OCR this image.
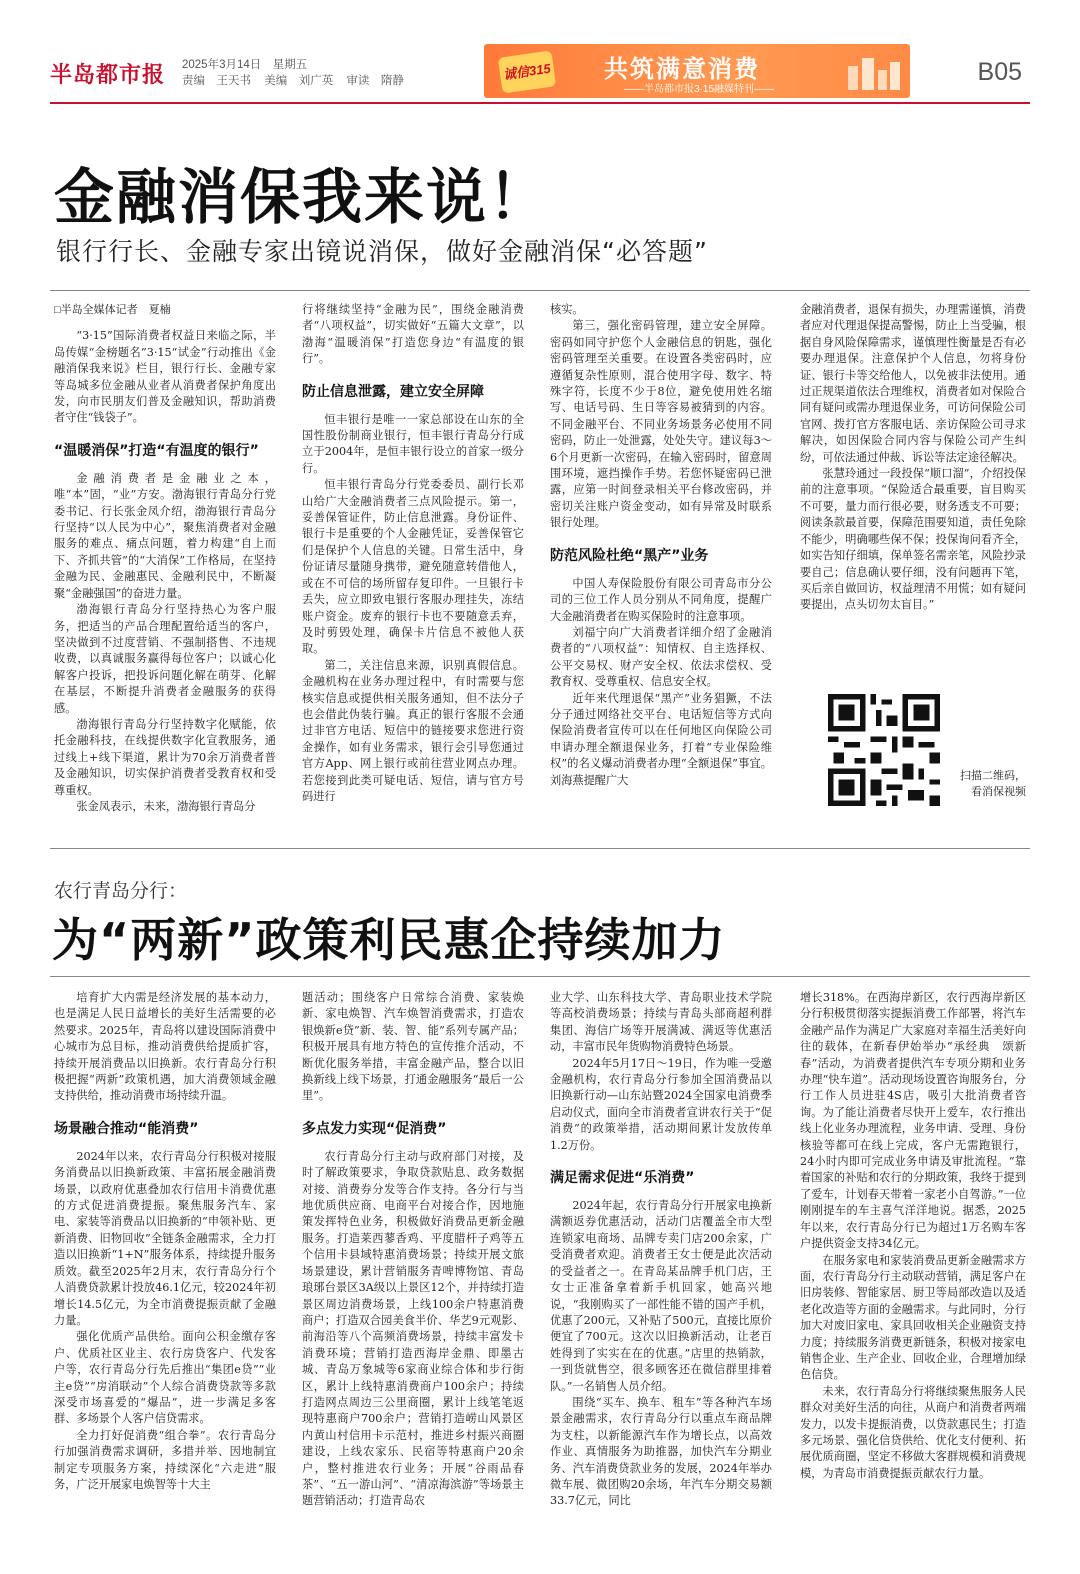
半岛都市报 2025年3月14日　星期五
责编　王天书 美编　刘广英 审读　隋静	诚信315 共筑满意消费
——半岛都市报3·15融媒特刊——
B05
金融消保我来说！
银行行长、金融专家出镜说消保，做好金融消保“必答题”

□半岛全媒体记者　夏楠

“3·15”国际消费者权益日来临之际，半岛传媒“金榜题名”3·15“试金”行动推出《金融消保我来说》栏目，银行行长、金融专家等岛城多位金融从业者从消费者保护角度出发，向市民朋友们普及金融知识，帮助消费者守住“钱袋子”。

“温暖消保”打造“有温度的银行”

金融消费者是金融业之本，唯“本”固，“业”方安。渤海银行青岛分行党委书记、行长张金凤介绍，渤海银行青岛分行坚持“以人民为中心”，聚焦消费者对金融服务的难点、痛点问题，着力构建“自上而下、齐抓共管”的“大消保”工作格局，在坚持金融为民、金融惠民、金融利民中，不断凝聚“金融强国”的奋进力量。

渤海银行青岛分行坚持热心为客户服务，把适当的产品合理配置给适当的客户，坚决做到不过度营销、不强制搭售、不违规收费，以真诚服务赢得每位客户；以诚心化解客户投诉，把投诉问题化解在萌芽、化解在基层，不断提升消费者金融服务的获得感。

渤海银行青岛分行坚持数字化赋能，依托金融科技，在线提供数字化宣教服务，通过线上+线下渠道，累计为70余万消费者普及金融知识，切实保护消费者受教育权和受尊重权。

张金凤表示，未来，渤海银行青岛分

行将继续坚持“金融为民”，围绕金融消费者“八项权益”，切实做好“五篇大文章”，以渤海“温暖消保”打造您身边“有温度的银行”。

防止信息泄露，建立安全屏障

恒丰银行是唯一一家总部设在山东的全国性股份制商业银行，恒丰银行青岛分行成立于2004年，是恒丰银行设立的首家一级分行。

恒丰银行青岛分行党委委员、副行长邓山给广大金融消费者三点风险提示。第一，妥善保管证件，防止信息泄露。身份证件、银行卡是重要的个人金融凭证，妥善保管它们是保护个人信息的关键。日常生活中，身份证请尽量随身携带，避免随意转借他人，或在不可信的场所留存复印件。一旦银行卡丢失，应立即致电银行客服办理挂失，冻结账户资金。废弃的银行卡也不要随意丢弃，及时剪毁处理，确保卡片信息不被他人获取。

第二，关注信息来源，识别真假信息。金融机构在业务办理过程中，有时需要与您核实信息或提供相关服务通知，但不法分子也会借此伪装行骗。真正的银行客服不会通过非官方电话、短信中的链接要求您进行资金操作，如有业务需求，银行会引导您通过官方App、网上银行或前往营业网点办理。若您接到此类可疑电话、短信，请与官方号码进行

核实。

第三，强化密码管理，建立安全屏障。密码如同守护您个人金融信息的钥匙，强化密码管理至关重要。在设置各类密码时，应遵循复杂性原则，混合使用字母、数字、特殊字符，长度不少于8位，避免使用姓名缩写、电话号码、生日等容易被猜到的内容。不同金融平台、不同业务场景务必使用不同密码，防止一处泄露，处处失守。建议每3～6个月更新一次密码，在输入密码时，留意周围环境，遮挡操作手势。若您怀疑密码已泄露，应第一时间登录相关平台修改密码，并密切关注账户资金变动，如有异常及时联系银行处理。

防范风险杜绝“黑产”业务

中国人寿保险股份有限公司青岛市分公司的三位工作人员分别从不同角度，提醒广大金融消费者在购买保险时的注意事项。

刘福宁向广大消费者详细介绍了金融消费者的“八项权益”：知情权、自主选择权、公平交易权、财产安全权、依法求偿权、受教育权、受尊重权、信息安全权。

近年来代理退保“黑产”业务猖獗，不法分子通过网络社交平台、电话短信等方式向保险消费者宣传可以在任何地区向保险公司申请办理全额退保业务，打着“专业保险维权”的名义爆动消费者办理“全额退保”事宜。刘海燕提醒广大

金融消费者，退保有损失，办理需谨慎，消费者应对代理退保提高警惕，防止上当受骗，根据自身风险保障需求，谨慎理性衡量是否有必要办理退保。注意保护个人信息，勿将身份证、银行卡等交给他人，以免被非法使用。通过正规渠道依法合理维权，消费者如对保险合同有疑问或需办理退保业务，可访问保险公司官网、拨打官方客服电话、亲访保险公司寻求解决，如因保险合同内容与保险公司产生纠纷，可依法通过仲裁、诉讼等法定途径解决。

张慧玲通过一段投保“顺口溜”，介绍投保前的注意事项。“保险适合最重要，盲目购买不可要，量力而行很必要，财务透支不可要；阅读条款最首要，保障范围要知道，责任免除不能少，明确哪些保不保；投保询问看齐全，如实告知仔细填，保单签名需亲笔，风险抄录要自己；信息确认要仔细，没有问题再下笔，买后亲自做回访，权益理清不用慌；如有疑问要提出，点头切勿太盲目。”

扫描二维码，看消保视频
农行青岛分行：
为“两新”政策利民惠企持续加力

培育扩大内需是经济发展的基本动力，也是满足人民日益增长的美好生活需要的必然要求。2025年，青岛将以建设国际消费中心城市为总目标，推动消费供给提质扩容，持续开展消费品以旧换新。农行青岛分行积极把握“两新”政策机遇，加大消费领域金融支持供给，推动消费市场持续升温。

场景融合推动“能消费”

2024年以来，农行青岛分行积极对接服务消费品以旧换新政策、丰富拓展金融消费场景，以政府优惠叠加农行信用卡消费优惠的方式促进消费提振。聚焦服务汽车、家电、家装等消费品以旧换新的“申领补贴、更新消费、旧物回收”全链条金融需求，全力打造以旧换新“1+N”服务体系，持续提升服务质效。截至2025年2月末，农行青岛分行个人消费贷款累计投放46.1亿元，较2024年初增长14.5亿元，为全市消费提振贡献了金融力量。

强化优质产品供给。面向公积金缴存客户、优质社区业主、农行房贷客户、代发客户等，农行青岛分行先后推出“集团e贷”“业主e贷”“房消联动”个人综合消费贷款等多款深受市场喜爱的“爆品”，进一步满足多客群、多场景个人客户信贷需求。

全力打好促消费“组合拳”。农行青岛分行加强消费需求调研，多措并举、因地制宜制定专项服务方案，持续深化“六走进”服务，广泛开展家电焕智等十大主

题活动；围绕客户日常综合消费、家装焕新、家电焕智、汽车焕智消费需求，打造农银焕新e贷”新、装、智、能”系列专属产品；积极开展具有地方特色的宣传推介活动，不断优化服务举措，丰富金融产品，整合以旧换新线上线下场景，打通金融服务“最后一公里”。

多点发力实现“促消费”

农行青岛分行主动与政府部门对接，及时了解政策要求，争取贷款贴息、政务数据对接、消费券分发等合作支持。各分行与当地优质供应商、电商平台对接合作，因地施策发挥特色业务，积极做好消费品更新金融服务。打造莱西蓼香鸡、平度腊杆子鸡等五个信用卡县域特惠消费场景；持续开展文旅场景建设，累计营销服务青啤博物馆、青岛琅琊台景区3A级以上景区12个，并持续打造景区周边消费场景，上线100余户特惠消费商户；打造双合园美食半价、华艺9元观影、前海沿等八个高频消费场景，持续丰富发卡消费环境；营销打造西海岸金鼎、即墨古城、青岛万象城等6家商业综合体和步行街区，累计上线特惠消费商户100余户；持续打造网点周边三公里商圈，累计上线笔笔返现特惠商户700余户；营销打造崂山风景区内黄山村信用卡示范村，推进乡村振兴商圈建设，上线农家乐、民宿等特惠商户20余户，整村推进农行业务；开展“谷雨品春茶”、“五一游山河”、“清凉海滨游”等场景主题营销活动；打造青岛农

业大学、山东科技大学、青岛职业技术学院等高校消费场景；持续与青岛头部商超利群集团、海信广场等开展满减、满返等优惠活动，丰富市民年货购物消费特色场景。

2024年5月17日～19日，作为唯一受邀金融机构，农行青岛分行参加全国消费品以旧换新行动—山东站暨2024全国家电消费季启动仪式，面向全市消费者宣讲农行关于“促消费”的政策举措，活动期间累计发放传单1.2万份。

满足需求促进“乐消费”

2024年起，农行青岛分行开展家电换新满额返券优惠活动，活动门店覆盖全市大型连锁家电商场、品牌专卖门店200余家，广受消费者欢迎。消费者王女士便是此次活动的受益者之一。在青岛某品牌手机门店，王女士正准备拿着新手机回家，她高兴地说，“我刚购买了一部性能不错的国产手机，优惠了200元，又补贴了500元，直接比原价便宜了700元。这次以旧换新活动，让老百姓得到了实实在在的优惠。”店里的热销款，一到货就售空，很多顾客还在微信群里排着队。”一名销售人员介绍。

围绕“买车、换车、租车”等各种汽车场景金融需求，农行青岛分行以重点车商品牌为支柱，以新能源汽车作为增长点，以高效作业、真情服务为助推器，加快汽车分期业务、汽车消费贷款业务的发展，2024年举办微车展、微团购20余场，年汽车分期交易额33.7亿元，同比

增长318%。在西海岸新区，农行西海岸新区分行积极贯彻落实提振消费工作部署，将汽车金融产品作为满足广大家庭对幸福生活美好向往的载体，在新春伊始举办“承经典　颂新春”活动，为消费者提供汽车专项分期和业务办理“快车道”。活动现场设置咨询服务台，分行工作人员进驻4S店，吸引大批消费者咨询。为了能让消费者尽快开上爱车，农行推出线上化业务办理流程，业务申请、受理、身份核验等都可在线上完成，客户无需跑银行，24小时内即可完成业务申请及审批流程。“靠着国家的补贴和农行的分期政策，我终于提到了爱车，计划春天带着一家老小自驾游。”一位刚刚提车的车主喜气洋洋地说。据悉，2025年以来，农行青岛分行已为超过1万名购车客户提供资金支持34亿元。

在服务家电和家装消费品更新金融需求方面，农行青岛分行主动联动营销，满足客户在旧房装修、智能家居、厨卫等局部改造以及适老化改造等方面的金融需求。与此同时，分行加大对废旧家电、家具回收相关企业融资支持力度；持续服务消费更新链条，积极对接家电销售企业、生产企业、回收企业，合理增加绿色信贷。

未来，农行青岛分行将继续聚焦服务人民群众对美好生活的向往，从商户和消费者两端发力，以发卡提振消费，以贷款惠民生；打造多元场景、强化信贷供给、优化支付便利、拓展优质商圈，坚定不移做大客群规模和消费规模，为青岛市消费提振贡献农行力量。
